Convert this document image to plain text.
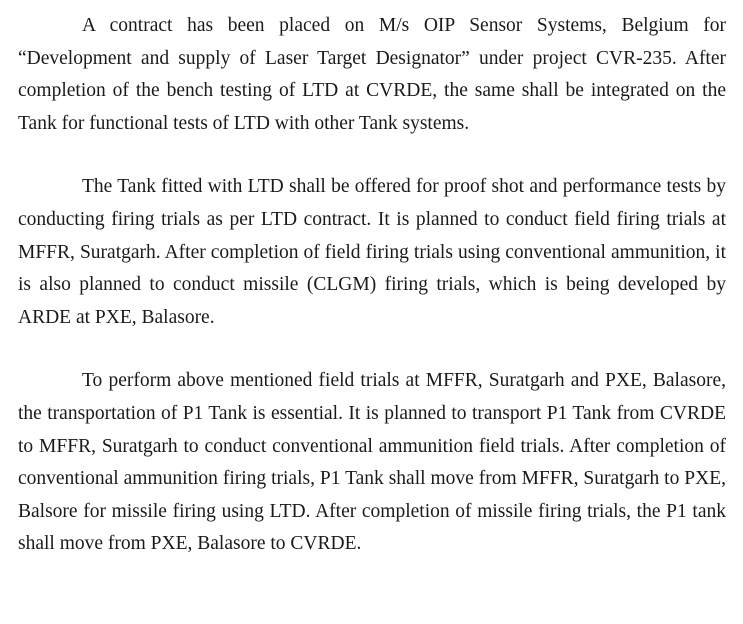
A contract has been placed on M/s OIP Sensor Systems, Belgium for “Development and supply of Laser Target Designator” under project CVR-235. After completion of the bench testing of LTD at CVRDE, the same shall be integrated on the Tank for functional tests of LTD with other Tank systems.

The Tank fitted with LTD shall be offered for proof shot and performance tests by conducting firing trials as per LTD contract. It is planned to conduct field firing trials at MFFR, Suratgarh. After completion of field firing trials using conventional ammunition, it is also planned to conduct missile (CLGM) firing trials, which is being developed by ARDE at PXE, Balasore.

To perform above mentioned field trials at MFFR, Suratgarh and PXE, Balasore, the transportation of P1 Tank is essential. It is planned to transport P1 Tank from CVRDE to MFFR, Suratgarh to conduct conventional ammunition field trials. After completion of conventional ammunition firing trials, P1 Tank shall move from MFFR, Suratgarh to PXE, Balsore for missile firing using LTD. After completion of missile firing trials, the P1 tank shall move from PXE, Balasore to CVRDE.
